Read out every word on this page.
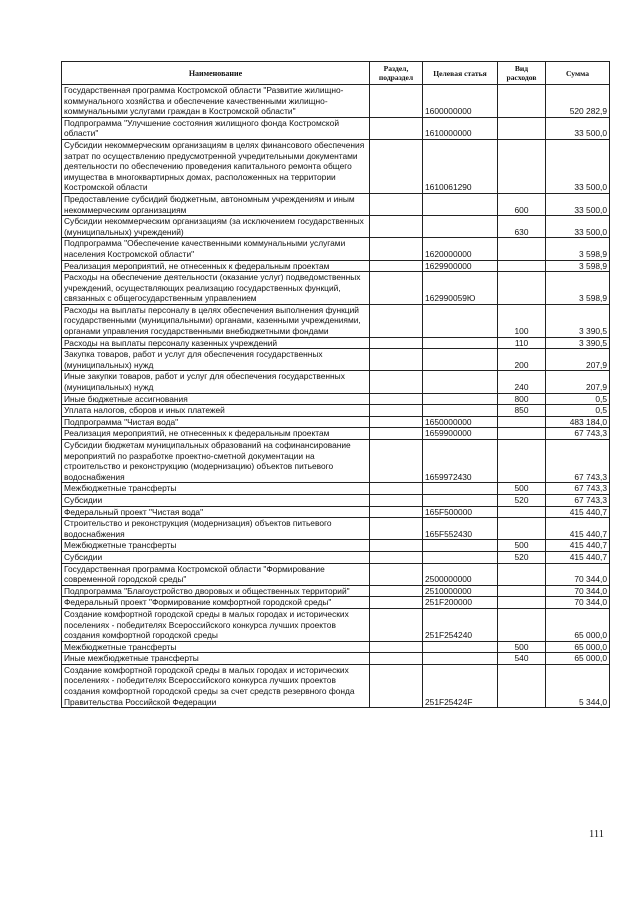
Наименование	Раздел, подраздел	Целевая статья	Вид расходов	Сумма
Государственная программа Костромской области "Развитие жилищно-коммунального хозяйства и обеспечение качественными жилищно-коммунальными услугами граждан в Костромской области"		1600000000		520 282,9
Подпрограмма "Улучшение состояния жилищного фонда Костромской области"		1610000000		33 500,0
Субсидии некоммерческим организациям в целях финансового обеспечения затрат по осуществлению предусмотренной учредительными документами деятельности по обеспечению проведения капитального ремонта общего имущества в многоквартирных домах, расположенных на территории Костромской области		1610061290		33 500,0
Предоставление субсидий бюджетным, автономным учреждениям и иным некоммерческим организациям			600	33 500,0
Субсидии некоммерческим организациям (за исключением государственных (муниципальных) учреждений)			630	33 500,0
Подпрограмма "Обеспечение качественными коммунальными услугами населения Костромской области"		1620000000		3 598,9
Реализация мероприятий, не отнесенных к федеральным проектам		1629900000		3 598,9
Расходы на обеспечение деятельности (оказание услуг) подведомственных учреждений, осуществляющих реализацию государственных функций, связанных с общегосударственным управлением		162990059Ю		3 598,9
Расходы на выплаты персоналу в целях обеспечения выполнения функций государственными (муниципальными) органами, казенными учреждениями, органами управления государственными внебюджетными фондами			100	3 390,5
Расходы на выплаты персоналу казенных учреждений			110	3 390,5
Закупка товаров, работ и услуг для обеспечения государственных (муниципальных) нужд			200	207,9
Иные закупки товаров, работ и услуг для обеспечения государственных (муниципальных) нужд			240	207,9
Иные бюджетные ассигнования			800	0,5
Уплата налогов, сборов и иных платежей			850	0,5
Подпрограмма "Чистая вода"		1650000000		483 184,0
Реализация мероприятий, не отнесенных к федеральным проектам		1659900000		67 743,3
Субсидии бюджетам муниципальных образований на софинансирование мероприятий по разработке проектно-сметной документации на строительство и реконструкцию (модернизацию) объектов питьевого водоснабжения		1659972430		67 743,3
Межбюджетные трансферты			500	67 743,3
Субсидии			520	67 743,3
Федеральный проект "Чистая вода"		165F500000		415 440,7
Строительство и реконструкция (модернизация) объектов питьевого водоснабжения		165F552430		415 440,7
Межбюджетные трансферты			500	415 440,7
Субсидии			520	415 440,7
Государственная программа Костромской области "Формирование современной городской среды"		2500000000		70 344,0
Подпрограмма "Благоустройство дворовых и общественных территорий"		2510000000		70 344,0
Федеральный проект "Формирование комфортной городской среды"		251F200000		70 344,0
Создание комфортной городской среды в малых городах и исторических поселениях - победителях Всероссийского конкурса лучших проектов создания комфортной городской среды		251F254240		65 000,0
Межбюджетные трансферты			500	65 000,0
Иные межбюджетные трансферты			540	65 000,0
Создание комфортной городской среды в малых городах и исторических поселениях - победителях Всероссийского конкурса лучших проектов создания комфортной городской среды за счет средств резервного фонда Правительства Российской Федерации		251F25424F		5 344,0
111
